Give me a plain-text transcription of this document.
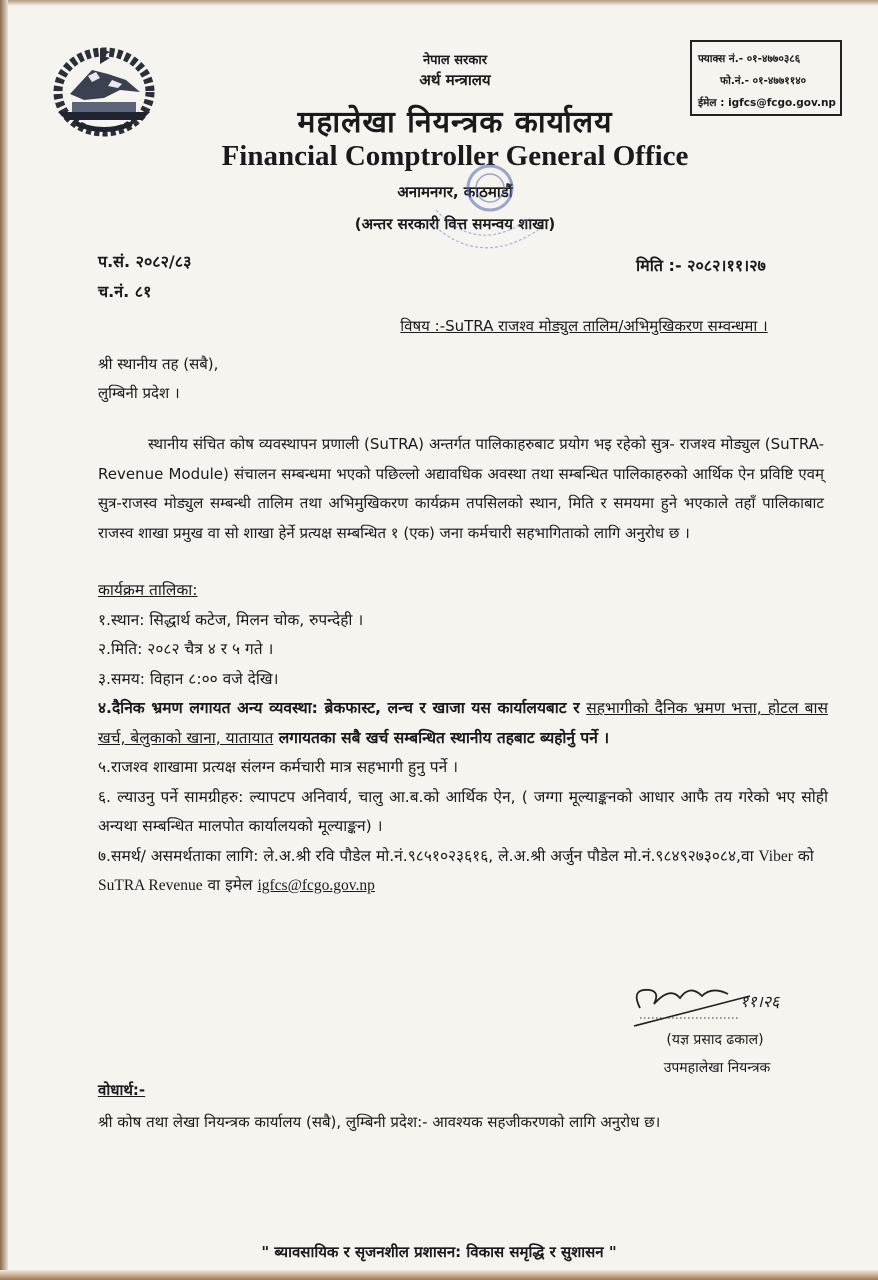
नेपाल सरकार
अर्थ मन्त्रालय
महालेखा नियन्त्रक कार्यालय
Financial Comptroller General Office
अनामनगर, काठमाडौं
(अन्तर सरकारी वित्त समन्वय शाखा)
फ्याक्स नं.- ०१-४७७०३८६
फो.नं.- ०१-४७७११४०
ईमेल : igfcs@fcgo.gov.np
प.सं. २०८२/८३
च.नं. ८१
मिति :- २०८२।११।२७
विषय :-SuTRA राजश्व मोड्युल तालिम/अभिमुखिकरण सम्वन्धमा ।
श्री स्थानीय तह (सबै),
लुम्बिनी प्रदेश ।
स्थानीय संचित कोष व्यवस्थापन प्रणाली (SuTRA) अन्तर्गत पालिकाहरुबाट प्रयोग भइ रहेको सुत्र- राजश्व मोड्युल (SuTRA-Revenue Module) संचालन सम्बन्धमा भएको पछिल्लो अद्यावधिक अवस्था तथा सम्बन्धित पालिकाहरुको आर्थिक ऐन प्रविष्टि एवम् सुत्र-राजस्व मोड्युल सम्बन्धी तालिम तथा अभिमुखिकरण कार्यक्रम तपसिलको स्थान, मिति र समयमा हुने भएकाले तहाँ पालिकाबाट राजस्व शाखा प्रमुख वा सो शाखा हेर्ने प्रत्यक्ष सम्बन्धित १ (एक) जना कर्मचारी सहभागिताको लागि अनुरोध छ ।
कार्यक्रम तालिका:
१.स्थान: सिद्धार्थ कटेज, मिलन चोक, रुपन्देही ।
२.मिति: २०८२ चैत्र ४ र ५ गते ।
३.समय: विहान ८:०० वजे देखि।
४.दैनिक भ्रमण लगायत अन्य व्यवस्था: ब्रेकफास्ट, लन्च र खाजा यस कार्यालयबाट र सहभागीको दैनिक भ्रमण भत्ता, होटल बास खर्च, बेलुकाको खाना, यातायात लगायतका सबै खर्च सम्बन्धित स्थानीय तहबाट ब्यहोर्नु पर्ने ।
५.राजश्व शाखामा प्रत्यक्ष संलग्न कर्मचारी मात्र सहभागी हुनु पर्ने ।
६. ल्याउनु पर्ने सामग्रीहरु: ल्यापटप अनिवार्य, चालु आ.ब.को आर्थिक ऐन, ( जग्गा मूल्याङ्कनको आधार आफै तय गरेको भए सोही अन्यथा सम्बन्धित मालपोत कार्यालयको मूल्याङ्कन) ।
७.समर्थ/ असमर्थताका लागि: ले.अ.श्री रवि पौडेल मो.नं.९८५१०२३६१६, ले.अ.श्री अर्जुन पौडेल मो.नं.९८४९२७३०८४,वा Viber को SuTRA Revenue वा इमेल igfcs@fcgo.gov.np
११।२६
(यज्ञ प्रसाद ढकाल)
उपमहालेखा नियन्त्रक
वोधार्थ:-
श्री कोष तथा लेखा नियन्त्रक कार्यालय (सबै), लुम्बिनी प्रदेश:- आवश्यक सहजीकरणको लागि अनुरोध छ।
" ब्यावसायिक र सृजनशील प्रशासन: विकास समृद्धि र सुशासन "
